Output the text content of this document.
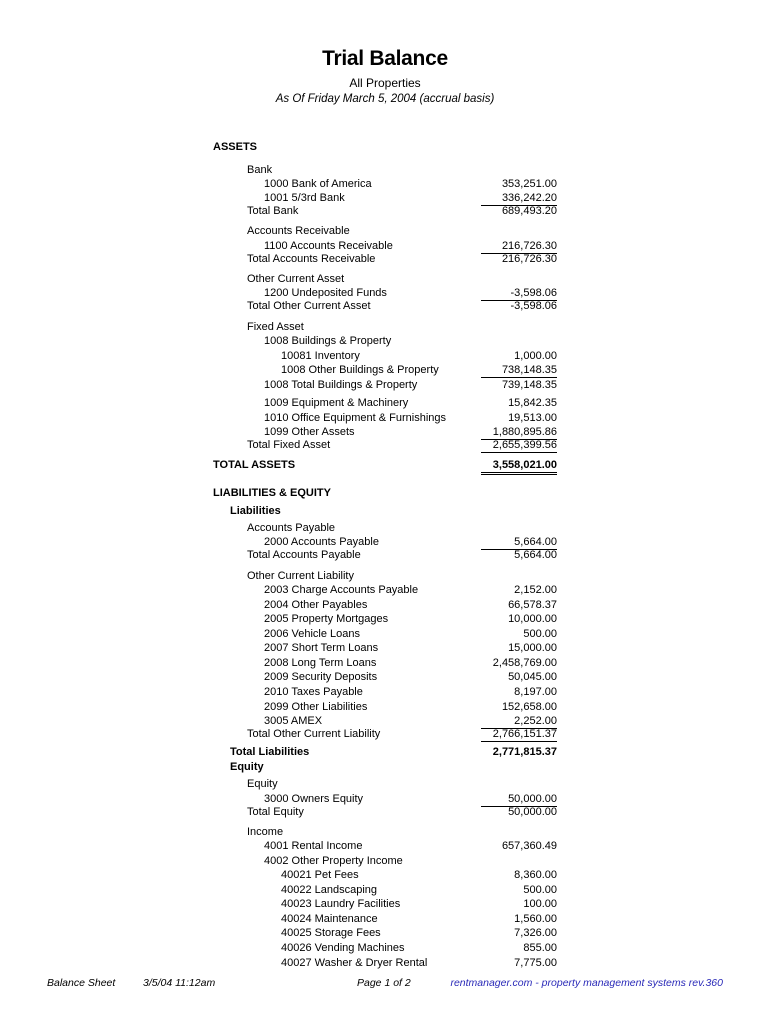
Trial Balance
All Properties
As Of Friday March 5, 2004 (accrual basis)
ASSETS
Bank
1000 Bank of America	353,251.00
1001 5/3rd Bank	336,242.20
Total Bank	689,493.20
Accounts Receivable
1100 Accounts Receivable	216,726.30
Total Accounts Receivable	216,726.30
Other Current Asset
1200 Undeposited Funds	-3,598.06
Total Other Current Asset	-3,598.06
Fixed Asset
1008 Buildings & Property
10081 Inventory	1,000.00
1008 Other Buildings & Property	738,148.35
1008 Total Buildings & Property	739,148.35
1009 Equipment & Machinery	15,842.35
1010 Office Equipment & Furnishings	19,513.00
1099 Other Assets	1,880,895.86
Total Fixed Asset	2,655,399.56
TOTAL ASSETS	3,558,021.00
LIABILITIES & EQUITY
Liabilities
Accounts Payable
2000 Accounts Payable	5,664.00
Total Accounts Payable	5,664.00
Other Current Liability
2003 Charge Accounts Payable	2,152.00
2004 Other Payables	66,578.37
2005 Property Mortgages	10,000.00
2006 Vehicle Loans	500.00
2007 Short Term Loans	15,000.00
2008 Long Term Loans	2,458,769.00
2009 Security Deposits	50,045.00
2010 Taxes Payable	8,197.00
2099 Other Liabilities	152,658.00
3005 AMEX	2,252.00
Total Other Current Liability	2,766,151.37
Total Liabilities	2,771,815.37
Equity
Equity
3000 Owners Equity	50,000.00
Total Equity	50,000.00
Income
4001 Rental Income	657,360.49
4002 Other Property Income
40021 Pet Fees	8,360.00
40022 Landscaping	500.00
40023 Laundry Facilities	100.00
40024 Maintenance	1,560.00
40025 Storage Fees	7,326.00
40026 Vending Machines	855.00
40027 Washer & Dryer Rental	7,775.00
Balance Sheet	3/5/04 11:12am	Page 1 of 2	rentmanager.com - property management systems rev.360
